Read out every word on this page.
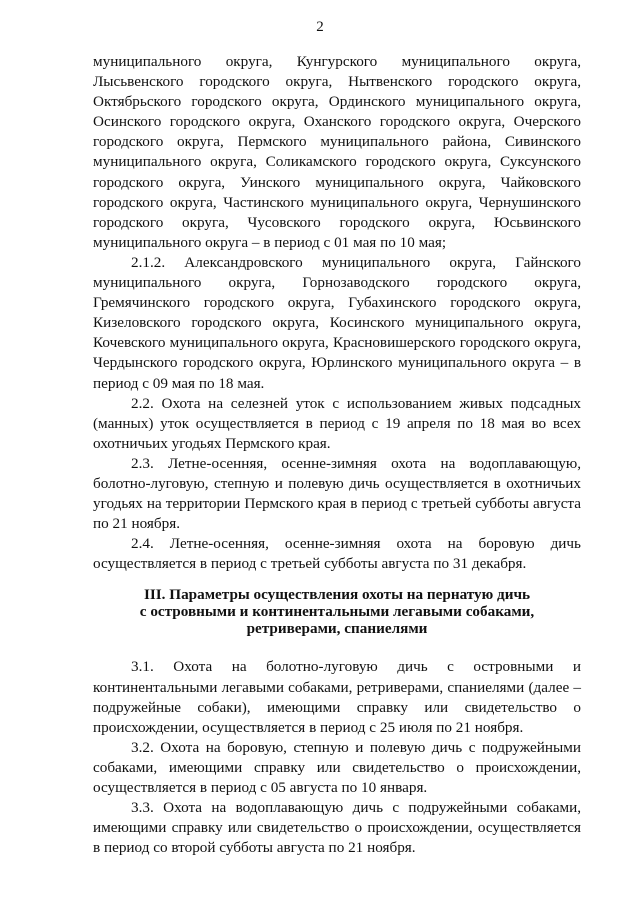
2

муниципального округа, Кунгурского муниципального округа, Лысьвенского городского округа, Нытвенского городского округа, Октябрьского городского округа, Ординского муниципального округа, Осинского городского округа, Оханского городского округа, Очерского городского округа, Пермского муниципального района, Сивинского муниципального округа, Соликамского городского округа, Суксунского городского округа, Уинского муниципального округа, Чайковского городского округа, Частинского муниципального округа, Чернушинского городского округа, Чусовского городского округа, Юсьвинского муниципального округа – в период с 01 мая по 10 мая;

2.1.2. Александровского муниципального округа, Гайнского муниципального округа, Горнозаводского городского округа, Гремячинского городского округа, Губахинского городского округа, Кизеловского городского округа, Косинского муниципального округа, Кочевского муниципального округа, Красновишерского городского округа, Чердынского городского округа, Юрлинского муниципального округа – в период с 09 мая по 18 мая.

2.2. Охота на селезней уток с использованием живых подсадных (манных) уток осуществляется в период с 19 апреля по 18 мая во всех охотничьих угодьях Пермского края.

2.3. Летне-осенняя, осенне-зимняя охота на водоплавающую, болотно-луговую, степную и полевую дичь осуществляется в охотничьих угодьях на территории Пермского края в период с третьей субботы августа по 21 ноября.

2.4. Летне-осенняя, осенне-зимняя охота на боровую дичь осуществляется в период с третьей субботы августа по 31 декабря.

III. Параметры осуществления охоты на пернатую дичь
с островными и континентальными легавыми собаками,
ретриверами, спаниелями

3.1. Охота на болотно-луговую дичь с островными и континентальными легавыми собаками, ретриверами, спаниелями (далее – подружейные собаки), имеющими справку или свидетельство о происхождении, осуществляется в период с 25 июля по 21 ноября.

3.2. Охота на боровую, степную и полевую дичь с подружейными собаками, имеющими справку или свидетельство о происхождении, осуществляется в период с 05 августа по 10 января.

3.3. Охота на водоплавающую дичь с подружейными собаками, имеющими справку или свидетельство о происхождении, осуществляется в период со второй субботы августа по 21 ноября.
